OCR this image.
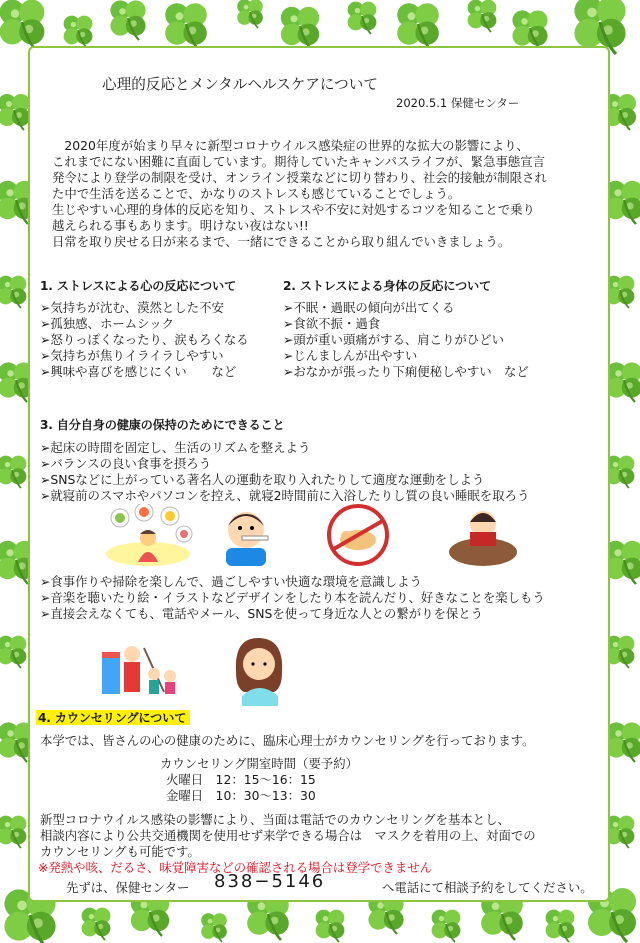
心理的反応とメンタルヘルスケアについて
2020.5.1 保健センター
　2020年度が始まり早々に新型コロナウイルス感染症の世界的な拡大の影響により、
これまでにない困難に直面しています。期待していたキャンパスライフが、緊急事態宣言
発令により登学の制限を受け、オンライン授業などに切り替わり、社会的接触が制限され
た中で生活を送ることで、かなりのストレスも感じていることでしょう。
生じやすい心理的身体的反応を知り、ストレスや不安に対処するコツを知ることで乗り
越えられる事もあります。明けない夜はない!!
日常を取り戻せる日が来るまで、一緒にできることから取り組んでいきましょう。
1. ストレスによる心の反応について
➢気持ちが沈む、漠然とした不安
➢孤独感、ホームシック
➢怒りっぽくなったり、涙もろくなる
➢気持ちが焦りイライラしやすい
➢興味や喜びを感じにくい　　など
2. ストレスによる身体の反応について
➢不眠・過眠の傾向が出てくる
➢食欲不振・過食
➢頭が重い頭痛がする、肩こりがひどい
➢じんましんが出やすい
➢おなかが張ったり下痢便秘しやすい　など
3. 自分自身の健康の保持のためにできること
➢起床の時間を固定し、生活のリズムを整えよう
➢バランスの良い食事を摂ろう
➢SNSなどに上がっている著名人の運動を取り入れたりして適度な運動をしよう
➢就寝前のスマホやパソコンを控え、就寝2時間前に入浴したりし質の良い睡眠を取ろう
➢食事作りや掃除を楽しんで、過ごしやすい快適な環境を意識しよう
➢音楽を聴いたり絵・イラストなどデザインをしたり本を読んだり、好きなことを楽しもう
➢直接会えなくても、電話やメール、SNSを使って身近な人との繋がりを保とう
4. カウンセリングについて
本学では、皆さんの心の健康のために、臨床心理士がカウンセリングを行っております。
カウンセリング開室時間（要予約）
火曜日　12：15～16：15
金曜日　10：30～13：30
新型コロナウイルス感染の影響により、当面は電話でのカウンセリングを基本とし、
相談内容により公共交通機関を使用せず来学できる場合は　マスクを着用の上、対面での
カウンセリングも可能です。
※発熱や咳、だるさ、味覚障害などの確認される場合は登学できません
先ずは、保健センター 838−5146	へ電話にて相談予約をしてください。
